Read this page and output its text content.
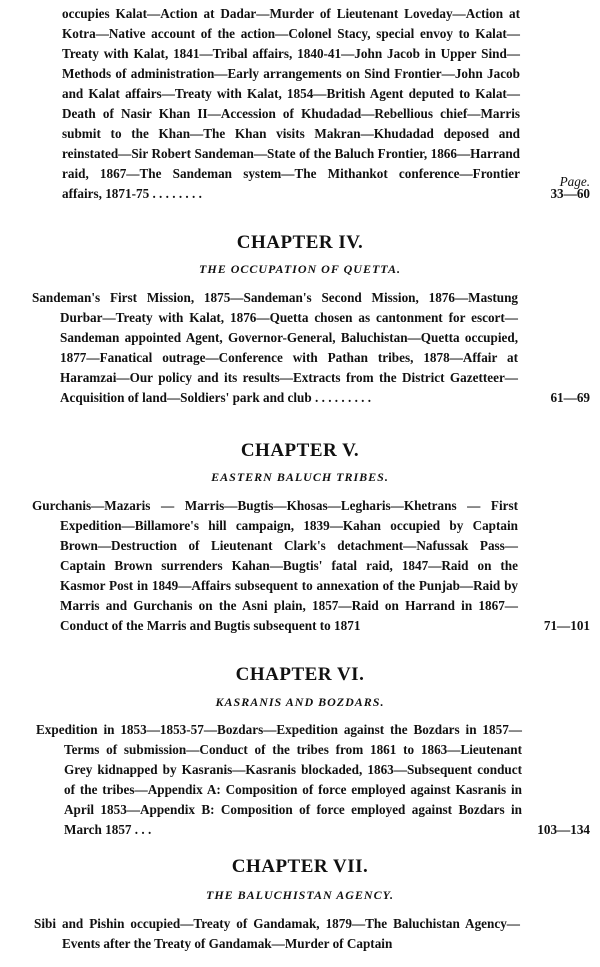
Page.
occupies Kalat—Action at Dadar—Murder of Lieutenant Loveday—Action at Kotra—Native account of the action—Colonel Stacy, special envoy to Kalat—Treaty with Kalat, 1841—Tribal affairs, 1840-41—John Jacob in Upper Sind—Methods of administration—Early arrangements on Sind Frontier—John Jacob and Kalat affairs—Treaty with Kalat, 1854—British Agent deputed to Kalat—Death of Nasir Khan II—Accession of Khudadad—Rebellious chief—Marris submit to the Khan—The Khan visits Makran—Khudadad deposed and reinstated—Sir Robert Sandeman—State of the Baluch Frontier, 1866—Harrand raid, 1867—The Sandeman system—The Mithankot conference—Frontier affairs, 1871-75 . . . . . . . .	33—60
CHAPTER IV.
THE OCCUPATION OF QUETTA.
Sandeman's First Mission, 1875—Sandeman's Second Mission, 1876—Mastung Durbar—Treaty with Kalat, 1876—Quetta chosen as cantonment for escort—Sandeman appointed Agent, Governor-General, Baluchistan—Quetta occupied, 1877—Fanatical outrage—Conference with Pathan tribes, 1878—Affair at Haramzai—Our policy and its results—Extracts from the District Gazetteer—Acquisition of land—Soldiers' park and club . . . . . . . . .	61—69
CHAPTER V.
EASTERN BALUCH TRIBES.
Gurchanis—Mazaris — Marris—Bugtis—Khosas—Legharis—Khetrans — First Expedition—Billamore's hill campaign, 1839—Kahan occupied by Captain Brown—Destruction of Lieutenant Clark's detachment—Nafussak Pass—Captain Brown surrenders Kahan—Bugtis' fatal raid, 1847—Raid on the Kasmor Post in 1849—Affairs subsequent to annexation of the Punjab—Raid by Marris and Gurchanis on the Asni plain, 1857—Raid on Harrand in 1867—Conduct of the Marris and Bugtis subsequent to 1871	71—101
CHAPTER VI.
KASRANIS AND BOZDARS.
Expedition in 1853—1853-57—Bozdars—Expedition against the Bozdars in 1857—Terms of submission—Conduct of the tribes from 1861 to 1863—Lieutenant Grey kidnapped by Kasranis—Kasranis blockaded, 1863—Subsequent conduct of the tribes—Appendix A: Composition of force employed against Kasranis in April 1853—Appendix B: Composition of force employed against Bozdars in March 1857 . . .	103—134
CHAPTER VII.
THE BALUCHISTAN AGENCY.
Sibi and Pishin occupied—Treaty of Gandamak, 1879—The Baluchistan Agency—Events after the Treaty of Gandamak—Murder of Captain
